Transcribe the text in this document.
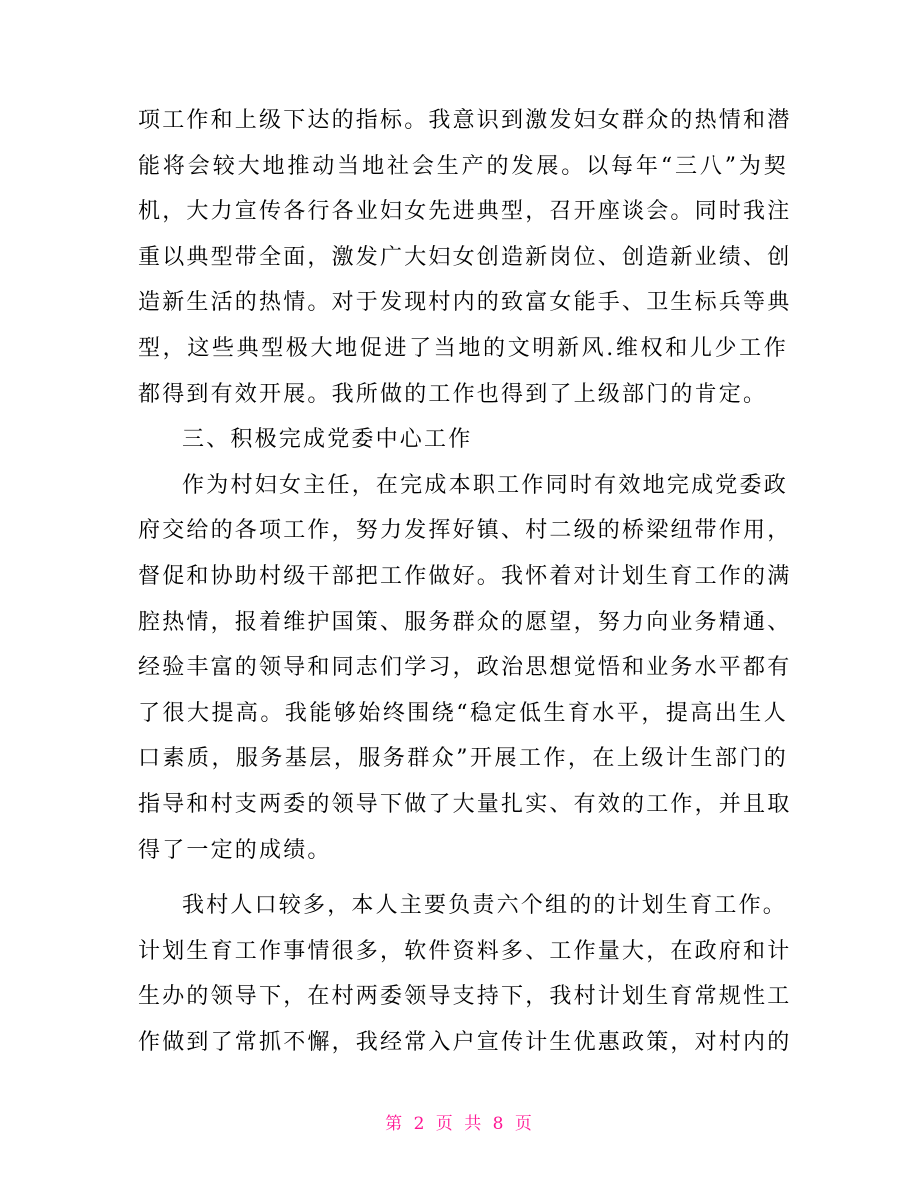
项工作和上级下达的指标。我意识到激发妇女群众的热情和潜
能将会较大地推动当地社会生产的发展。以每年“三八”为契
机，大力宣传各行各业妇女先进典型，召开座谈会。同时我注
重以典型带全面，激发广大妇女创造新岗位、创造新业绩、创
造新生活的热情。对于发现村内的致富女能手、卫生标兵等典
型，这些典型极大地促进了当地的文明新风.维权和儿少工作
都得到有效开展。我所做的工作也得到了上级部门的肯定。
三、积极完成党委中心工作
作为村妇女主任，在完成本职工作同时有效地完成党委政
府交给的各项工作，努力发挥好镇、村二级的桥梁纽带作用，
督促和协助村级干部把工作做好。我怀着对计划生育工作的满
腔热情，报着维护国策、服务群众的愿望，努力向业务精通、
经验丰富的领导和同志们学习，政治思想觉悟和业务水平都有
了很大提高。我能够始终围绕“稳定低生育水平，提高出生人
口素质，服务基层，服务群众”开展工作，在上级计生部门的
指导和村支两委的领导下做了大量扎实、有效的工作，并且取
得了一定的成绩。
我村人口较多，本人主要负责六个组的的计划生育工作。
计划生育工作事情很多，软件资料多、工作量大，在政府和计
生办的领导下，在村两委领导支持下，我村计划生育常规性工
作做到了常抓不懈，我经常入户宣传计生优惠政策，对村内的
第 2 页 共 8 页
